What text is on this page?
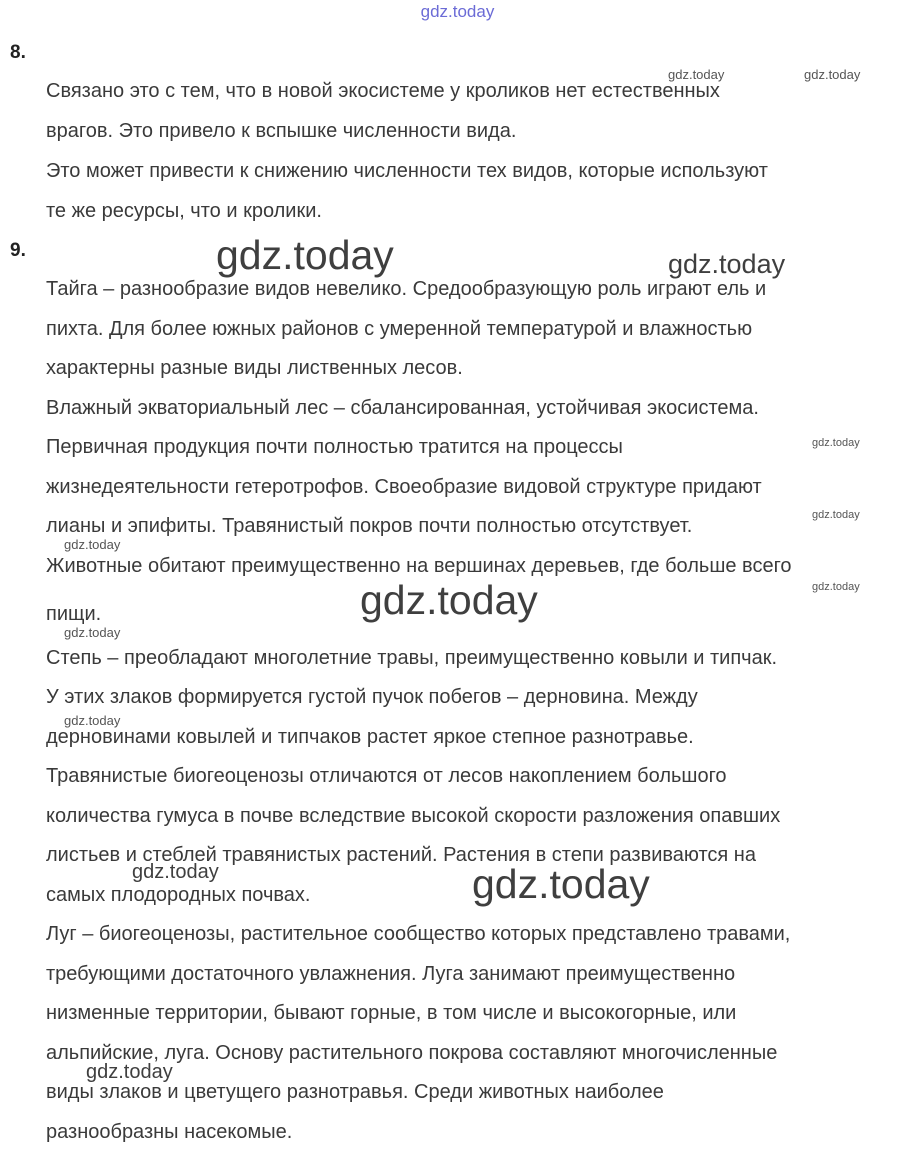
gdz.today
8.
Связано это с тем, что в новой экосистеме у кроликов нет естественных
врагов. Это привело к вспышке численности вида.
Это может привести к снижению численности тех видов, которые используют
те же ресурсы, что и кролики.
9.
Тайга – разнообразие видов невелико. Средообразующую роль играют ель и
пихта. Для более южных районов с умеренной температурой и влажностью
характерны разные виды лиственных лесов.
Влажный экваториальный лес – сбалансированная, устойчивая экосистема.
Первичная продукция почти полностью тратится на процессы
жизнедеятельности гетеротрофов. Своеобразие видовой структуре придают
лианы и эпифиты. Травянистый покров почти полностью отсутствует.
Животные обитают преимущественно на вершинах деревьев, где больше всего
пищи.
Степь – преобладают многолетние травы, преимущественно ковыли и типчак.
У этих злаков формируется густой пучок побегов – дерновина. Между
дерновинами ковылей и типчаков растет яркое степное разнотравье.
Травянистые биогеоценозы отличаются от лесов накоплением большого
количества гумуса в почве вследствие высокой скорости разложения опавших
листьев и стеблей травянистых растений. Растения в степи развиваются на
самых плодородных почвах.
Луг – биогеоценозы, растительное сообщество которых представлено травами,
требующими достаточного увлажнения. Луга занимают преимущественно
низменные территории, бывают горные, в том числе и высокогорные, или
альпийские, луга. Основу растительного покрова составляют многочисленные
виды злаков и цветущего разнотравья. Среди животных наиболее
разнообразны насекомые.
gdz.today	gdz.today
gdz.today	gdz.today
gdz.today
gdz.today
gdz.today
gdz.today
gdz.today
gdz.today
gdz.today
gdz.today	gdz.today
gdz.today
